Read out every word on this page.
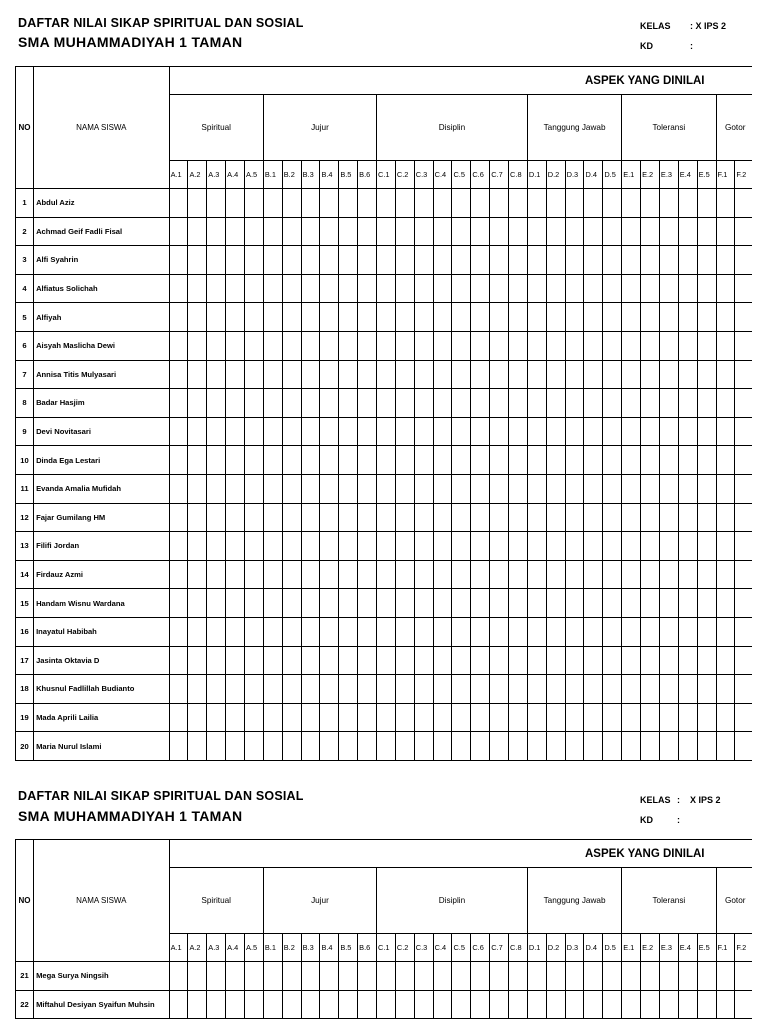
DAFTAR NILAI SIKAP SPIRITUAL DAN SOSIAL
SMA MUHAMMADIYAH 1 TAMAN
KELAS : X IPS 2
KD	:
NO	NAMA SISWA	ASPEK YANG DINILAI																														
		Spiritual					Jujur						Disiplin								Tanggung Jawab					Toleransi					Gotor	
		A.1	A.2	A.3	A.4	A.5	B.1	B.2	B.3	B.4	B.5	B.6	C.1	C.2	C.3	C.4	C.5	C.6	C.7	C.8	D.1	D.2	D.3	D.4	D.5	E.1	E.2	E.3	E.4	E.5	F.1	F.2
1	Abdul Aziz																															
2	Achmad Geif Fadli Fisal																															
3	Alfi Syahrin																															
4	Alfiatus Solichah																															
5	Alfiyah																															
6	Aisyah Maslicha Dewi																															
7	Annisa Titis Mulyasari																															
8	Badar Hasjim																															
9	Devi Novitasari																															
10	Dinda Ega Lestari																															
11	Evanda Amalia Mufidah																															
12	Fajar Gumilang HM																															
13	Filifi Jordan																															
14	Firdauz Azmi																															
15	Handam Wisnu Wardana																															
16	Inayatul Habibah																															
17	Jasinta Oktavia D																															
18	Khusnul Fadlillah Budianto																															
19	Mada Aprili Lailia																															
20	Maria Nurul Islami																															
DAFTAR NILAI SIKAP SPIRITUAL DAN SOSIAL
SMA MUHAMMADIYAH 1 TAMAN
KELAS : X IPS 2
KD	:
NO	NAMA SISWA	ASPEK YANG DINILAI																														
		Spiritual					Jujur						Disiplin								Tanggung Jawab					Toleransi					Gotor	
		A.1	A.2	A.3	A.4	A.5	B.1	B.2	B.3	B.4	B.5	B.6	C.1	C.2	C.3	C.4	C.5	C.6	C.7	C.8	D.1	D.2	D.3	D.4	D.5	E.1	E.2	E.3	E.4	E.5	F.1	F.2
21	Mega Surya Ningsih																															
22	Miftahul Desiyan Syaifun Muhsin																															
